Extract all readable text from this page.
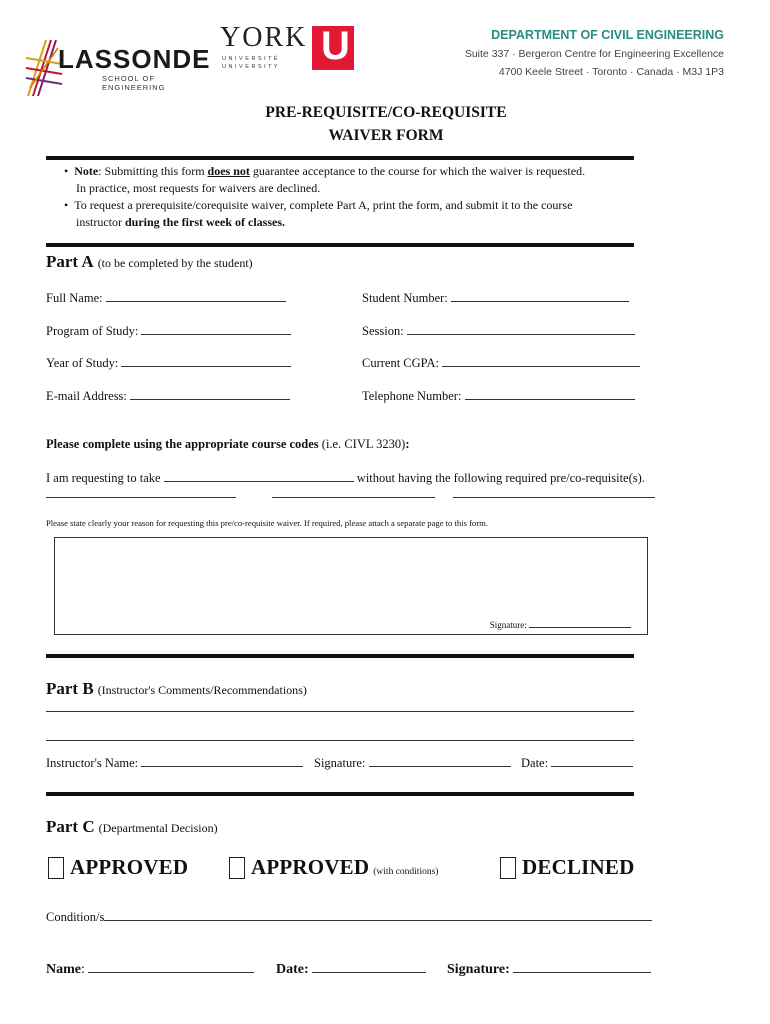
LASSONDE
SCHOOL OF ENGINEERING
YORK
U N I V E R S I T É
U N I V E R S I T Y U	DEPARTMENT OF CIVIL ENGINEERING
Suite 337 · Bergeron Centre for Engineering Excellence
4700 Keele Street · Toronto · Canada · M3J 1P3
PRE-REQUISITE/CO-REQUISITE
WAIVER FORM
•  Note: Submitting this form does not guarantee acceptance to the course for which the waiver is requested.
In practice, most requests for waivers are declined.
•  To request a prerequisite/corequisite waiver, complete Part A, print the form, and submit it to the course
instructor during the first week of classes.
Part A (to be completed by the student)
Full Name:	Student Number:
Program of Study:	Session:
Year of Study:	Current CGPA:
E-mail Address:	Telephone Number:
Please complete using the appropriate course codes (i.e. CIVL 3230):
I am requesting to take	without having the following required pre/co-requisite(s).
Please state clearly your reason for requesting this pre/co-requisite waiver. If required, please attach a separate page to this form.
Signature:
Part B (Instructor's Comments/Recommendations)
Instructor's Name:	Signature:	Date:
Part C (Departmental Decision)
APPROVED	APPROVED (with conditions)	DECLINED
Condition/s
Name:	Date:	Signature:
